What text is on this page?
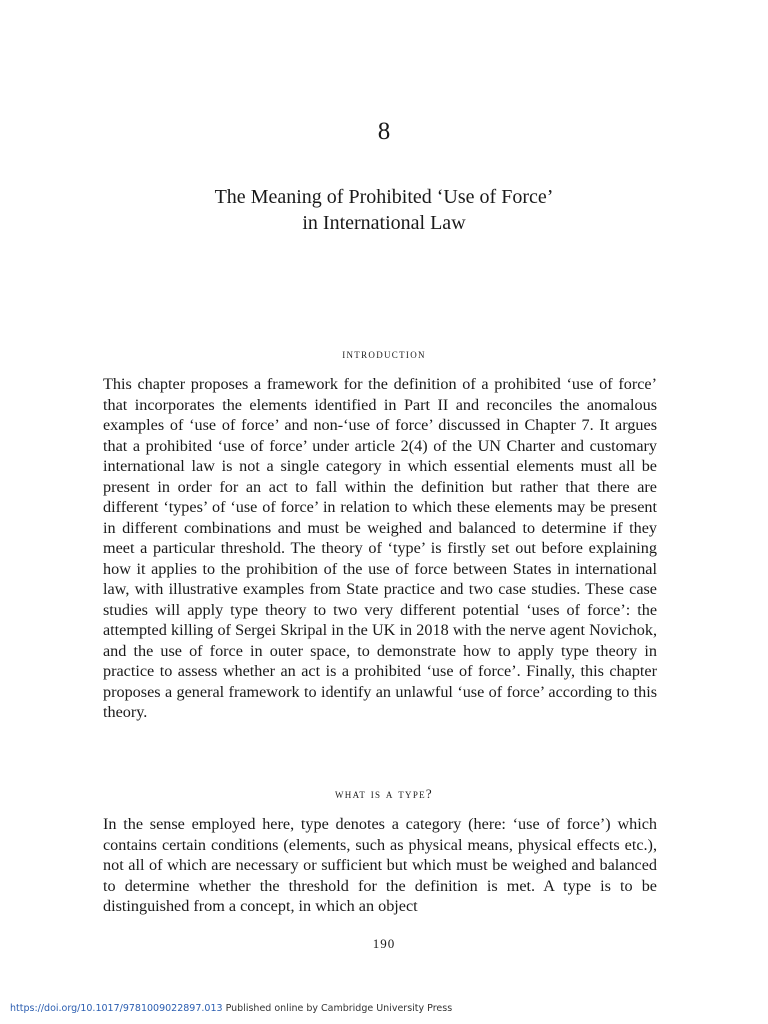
8
The Meaning of Prohibited ‘Use of Force’
in International Law
introduction

This chapter proposes a framework for the definition of a prohibited ‘use of force’ that incorporates the elements identified in Part II and reconciles the anomalous examples of ‘use of force’ and non-‘use of force’ discussed in Chapter 7. It argues that a prohibited ‘use of force’ under article 2(4) of the UN Charter and customary international law is not a single category in which essential elements must all be present in order for an act to fall within the definition but rather that there are different ‘types’ of ‘use of force’ in relation to which these elements may be present in different combinations and must be weighed and balanced to determine if they meet a particular threshold. The theory of ‘type’ is firstly set out before explaining how it applies to the prohibition of the use of force between States in international law, with illustrative examples from State practice and two case studies. These case studies will apply type theory to two very different potential ‘uses of force’: the attempted killing of Sergei Skripal in the UK in 2018 with the nerve agent Novichok, and the use of force in outer space, to demonstrate how to apply type theory in practice to assess whether an act is a prohibited ‘use of force’. Finally, this chapter proposes a general framework to identify an unlawful ‘use of force’ according to this theory.

what is a type?

In the sense employed here, type denotes a category (here: ‘use of force’) which contains certain conditions (elements, such as physical means, physical effects etc.), not all of which are necessary or sufficient but which must be weighed and balanced to determine whether the threshold for the definition is met. A type is to be distinguished from a concept, in which an object

190
https://doi.org/10.1017/9781009022897.013 Published online by Cambridge University Press
